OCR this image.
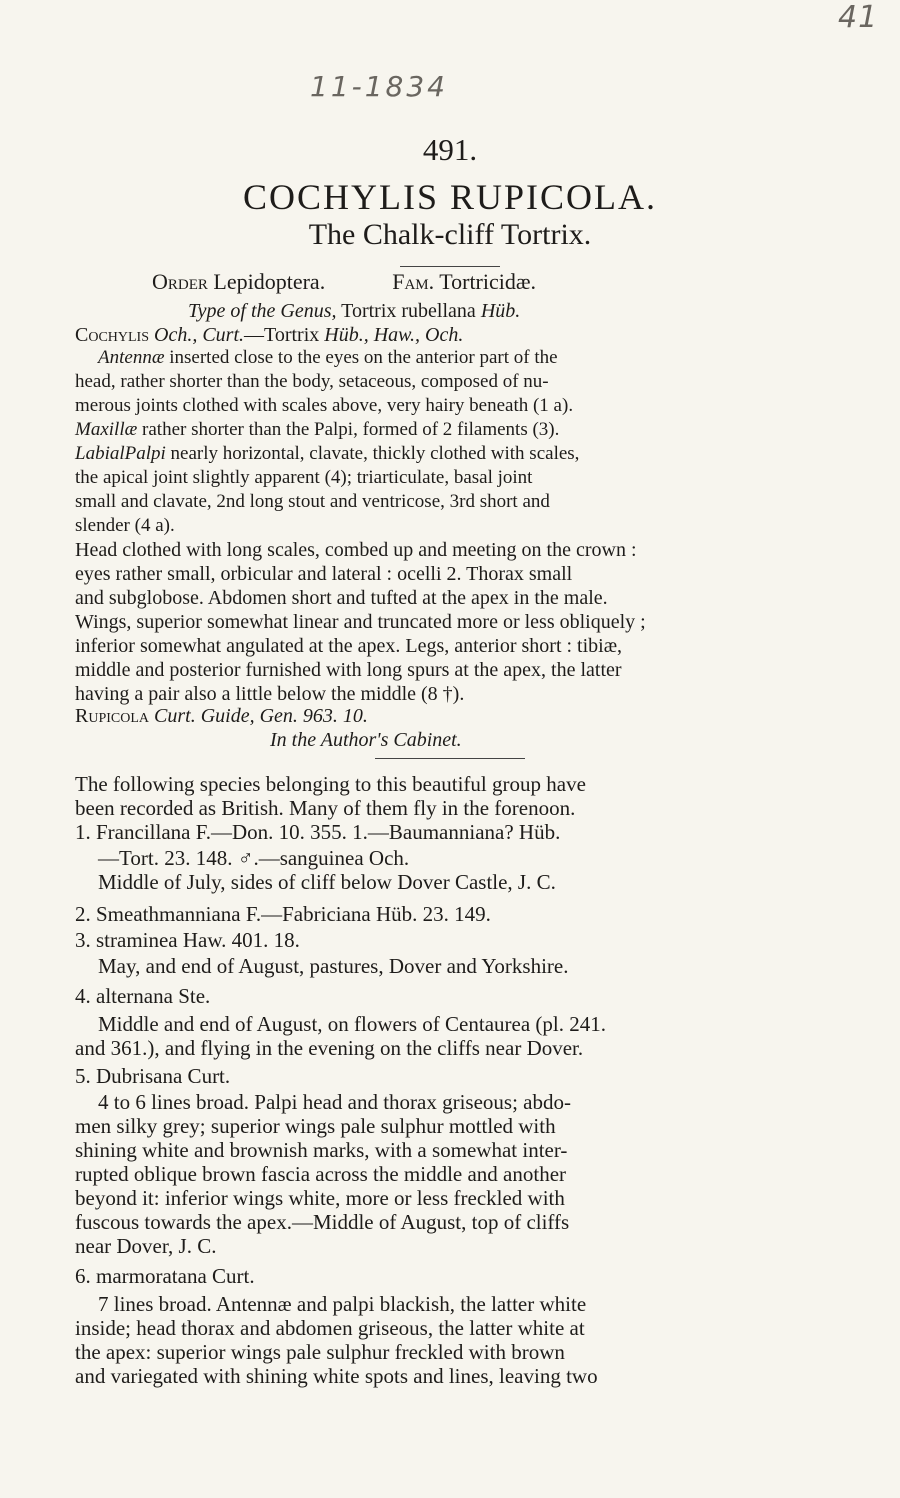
41
11-1834
491.
COCHYLIS RUPICOLA.
The Chalk-cliff Tortrix.
Order Lepidoptera.	Fam. Tortricidæ.
Type of the Genus, Tortrix rubellana Hüb.
Cochylis Och., Curt.—Tortrix Hüb., Haw., Och.
Antennæ inserted close to the eyes on the anterior part of the
head, rather shorter than the body, setaceous, composed of nu-
merous joints clothed with scales above, very hairy beneath (1 a).
Maxillæ rather shorter than the Palpi, formed of 2 filaments (3).
LabialPalpi nearly horizontal, clavate, thickly clothed with scales,
the apical joint slightly apparent (4); triarticulate, basal joint
small and clavate, 2nd long stout and ventricose, 3rd short and
slender (4 a).
Head clothed with long scales, combed up and meeting on the crown :
eyes rather small, orbicular and lateral : ocelli 2. Thorax small
and subglobose. Abdomen short and tufted at the apex in the male.
Wings, superior somewhat linear and truncated more or less obliquely ;
inferior somewhat angulated at the apex. Legs, anterior short : tibiæ,
middle and posterior furnished with long spurs at the apex, the latter
having a pair also a little below the middle (8 †).
Rupicola Curt. Guide, Gen. 963. 10.
In the Author's Cabinet.
The following species belonging to this beautiful group have
been recorded as British. Many of them fly in the forenoon.
1. Francillana F.—Don. 10. 355. 1.—Baumanniana? Hüb.
—Tort. 23. 148. ♂.—sanguinea Och.
Middle of July, sides of cliff below Dover Castle, J. C.
2. Smeathmanniana F.—Fabriciana Hüb. 23. 149.
3. straminea Haw. 401. 18.
May, and end of August, pastures, Dover and Yorkshire.
4. alternana Ste.
Middle and end of August, on flowers of Centaurea (pl. 241.
and 361.), and flying in the evening on the cliffs near Dover.
5. Dubrisana Curt.
4 to 6 lines broad. Palpi head and thorax griseous; abdo-
men silky grey; superior wings pale sulphur mottled with
shining white and brownish marks, with a somewhat inter-
rupted oblique brown fascia across the middle and another
beyond it: inferior wings white, more or less freckled with
fuscous towards the apex.—Middle of August, top of cliffs
near Dover, J. C.
6. marmoratana Curt.
7 lines broad. Antennæ and palpi blackish, the latter white
inside; head thorax and abdomen griseous, the latter white at
the apex: superior wings pale sulphur freckled with brown
and variegated with shining white spots and lines, leaving two
